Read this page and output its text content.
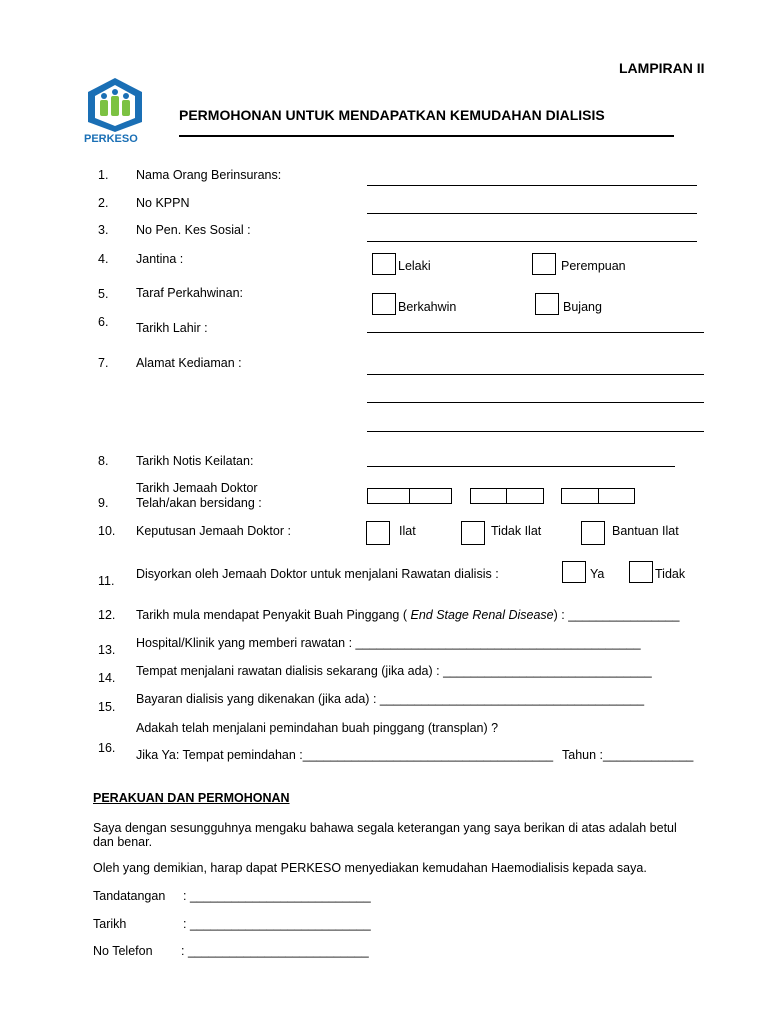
LAMPIRAN II
PERKESO
PERMOHONAN UNTUK MENDAPATKAN KEMUDAHAN DIALISIS
1. Nama Orang Berinsurans:
2. No KPPN
3. No Pen. Kes Sosial :
4. Jantina :	Lelaki	Perempuan
5. Taraf Perkahwinan:
Berkahwin	Bujang
6. Tarikh Lahir :
7. Alamat Kediaman :
8. Tarikh Notis Keilatan:
9.
Tarikh Jemaah Doktor
Telah/akan bersidang :
10. Keputusan Jemaah Doktor :	Ilat	Tidak Ilat	Bantuan Ilat
11. Disyorkan oleh Jemaah Doktor untuk menjalani Rawatan dialisis :	Ya	Tidak
12. Tarikh mula mendapat Penyakit Buah Pinggang ( End Stage Renal Disease) : ________________
13. Hospital/Klinik yang memberi rawatan : _________________________________________
14. Tempat menjalani rawatan dialisis sekarang (jika ada) : ______________________________
15.
Bayaran dialisis yang dikenakan (jika ada) : ______________________________________
16.
Adakah telah menjalani pemindahan buah pinggang (transplan) ?
Jika Ya: Tempat pemindahan :____________________________________ Tahun :_____________
PERAKUAN DAN PERMOHONAN
Saya dengan sesungguhnya mengaku bahawa segala keterangan yang saya berikan di atas adalah betul
dan benar.
Oleh yang demikian, harap dapat PERKESO menyediakan kemudahan Haemodialisis kepada saya.
Tandatangan : __________________________
Tarikh	: __________________________
No Telefon : __________________________
